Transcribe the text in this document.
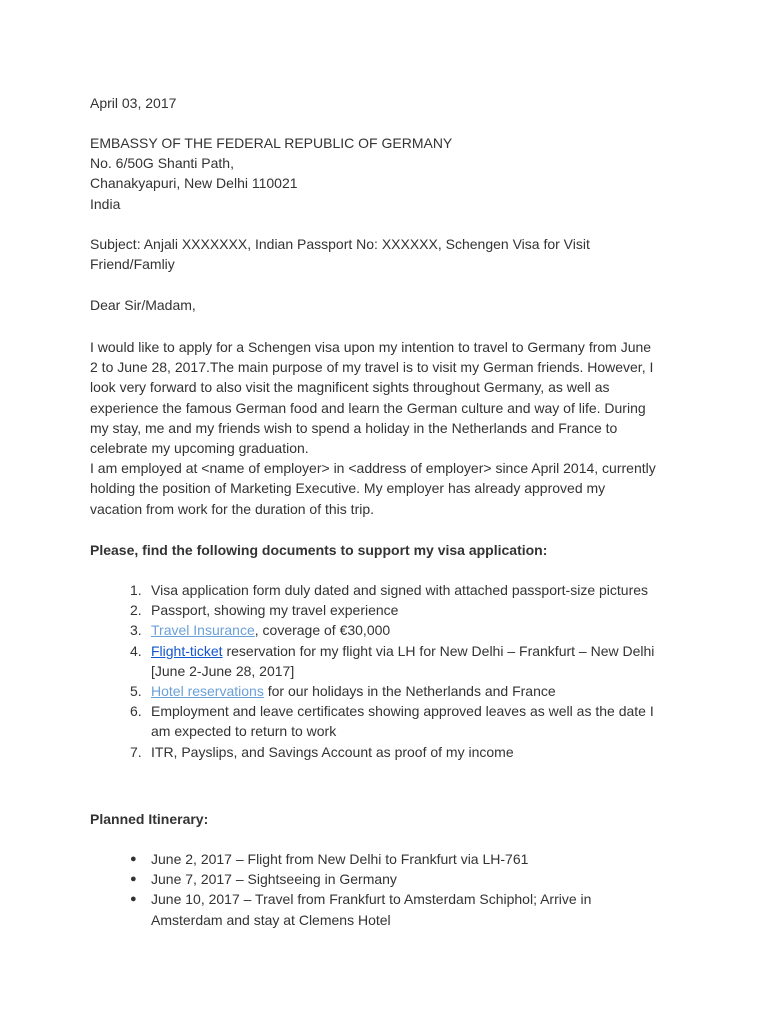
April 03, 2017

EMBASSY OF THE FEDERAL REPUBLIC OF GERMANY
No. 6/50G Shanti Path,
Chanakyapuri, New Delhi 110021
India
Subject: Anjali XXXXXXX, Indian Passport No: XXXXXX, Schengen Visa for Visit
Friend/Famliy

Dear Sir/Madam,

I would like to apply for a Schengen visa upon my intention to travel to Germany from June
2 to June 28, 2017.The main purpose of my travel is to visit my German friends. However, I
look very forward to also visit the magnificent sights throughout Germany, as well as
experience the famous German food and learn the German culture and way of life. During
my stay, me and my friends wish to spend a holiday in the Netherlands and France to
celebrate my upcoming graduation.
I am employed at <name of employer> in <address of employer> since April 2014, currently
holding the position of Marketing Executive. My employer has already approved my
vacation from work for the duration of this trip.

Please, find the following documents to support my visa application:

1. Visa application form duly dated and signed with attached passport-size pictures
2. Passport, showing my travel experience
3. Travel Insurance, coverage of €30,000
4. Flight-ticket reservation for my flight via LH for New Delhi – Frankfurt – New Delhi
[June 2-June 28, 2017]
5. Hotel reservations for our holidays in the Netherlands and France
6. Employment and leave certificates showing approved leaves as well as the date I
am expected to return to work
7. ITR, Payslips, and Savings Account as proof of my income

Planned Itinerary:

● June 2, 2017 – Flight from New Delhi to Frankfurt via LH-761
● June 7, 2017 – Sightseeing in Germany
● June 10, 2017 – Travel from Frankfurt to Amsterdam Schiphol; Arrive in
Amsterdam and stay at Clemens Hotel
